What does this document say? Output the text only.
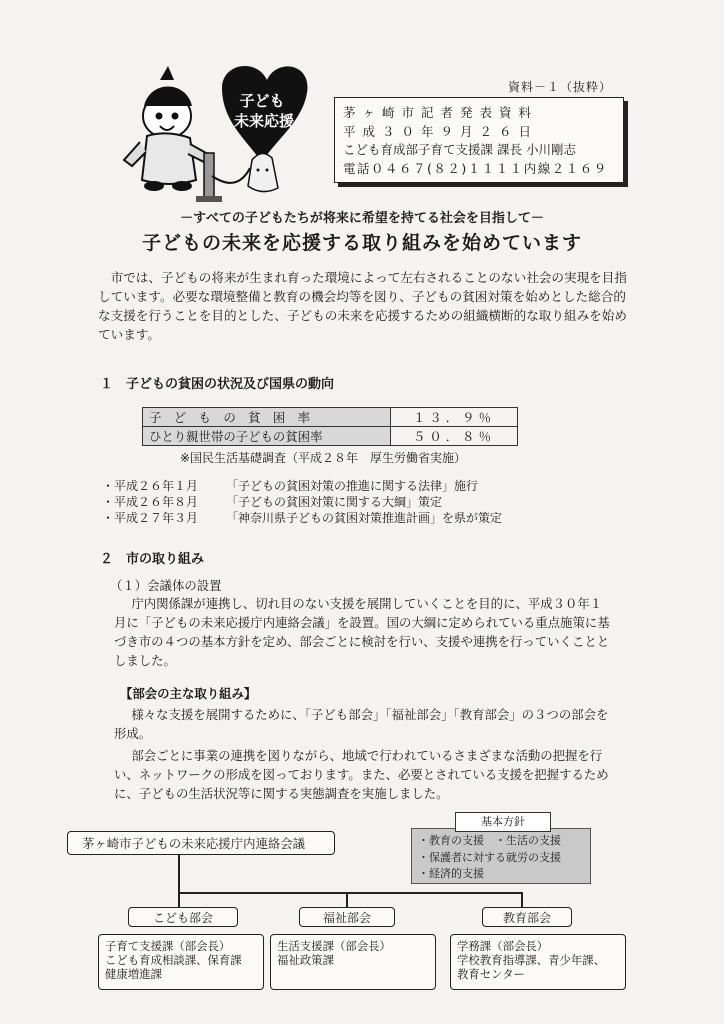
子ども
未来応援
資料－１（抜粋）
茅ヶ崎市記者発表資料
平成３０年９月２６日
こども育成部子育て支援課 課長 小川剛志
電話０４６７(８２)１１１１内線２１６９
－すべての子どもたちが将来に希望を持てる社会を目指して－
子どもの未来を応援する取り組みを始めています
市では、子どもの将来が生まれ育った環境によって左右されることのない社会の実現を目指しています。必要な環境整備と教育の機会均等を図り、子どもの貧困対策を始めとした総合的な支援を行うことを目的とした、子どもの未来を応援するための組織横断的な取り組みを始めています。
１　子どもの貧困の状況及び国県の動向
子　ど　も　の　貧　困　率	１３．９％
ひとり親世帯の子どもの貧困率	５０．８％
※国民生活基礎調査（平成２８年　厚生労働省実施）
・平成２６年１月	「子どもの貧困対策の推進に関する法律」施行
・平成２６年８月	「子どもの貧困対策に関する大綱」策定
・平成２７年３月	「神奈川県子どもの貧困対策推進計画」を県が策定
２　市の取り組み
（１）会議体の設置
庁内関係課が連携し、切れ目のない支援を展開していくことを目的に、平成３０年１月に「子どもの未来応援庁内連絡会議」を設置。国の大綱に定められている重点施策に基づき市の４つの基本方針を定め、部会ごとに検討を行い、支援や連携を行っていくこととしました。
【部会の主な取り組み】
様々な支援を展開するために、「子ども部会」「福祉部会」「教育部会」の３つの部会を形成。
部会ごとに事業の連携を図りながら、地域で行われているさまざまな活動の把握を行い、ネットワークの形成を図っております。また、必要とされている支援を把握するために、子どもの生活状況等に関する実態調査を実施しました。
・教育の支援　・生活の支援
・保護者に対する就労の支援
・経済的支援
基本方針
茅ヶ崎市子どもの未来応援庁内連絡会議
こども部会	福祉部会	教育部会
子育て支援課（部会長）
こども育成相談課、保育課
健康増進課
生活支援課（部会長）
福祉政策課
学務課（部会長）
学校教育指導課、青少年課、
教育センター
